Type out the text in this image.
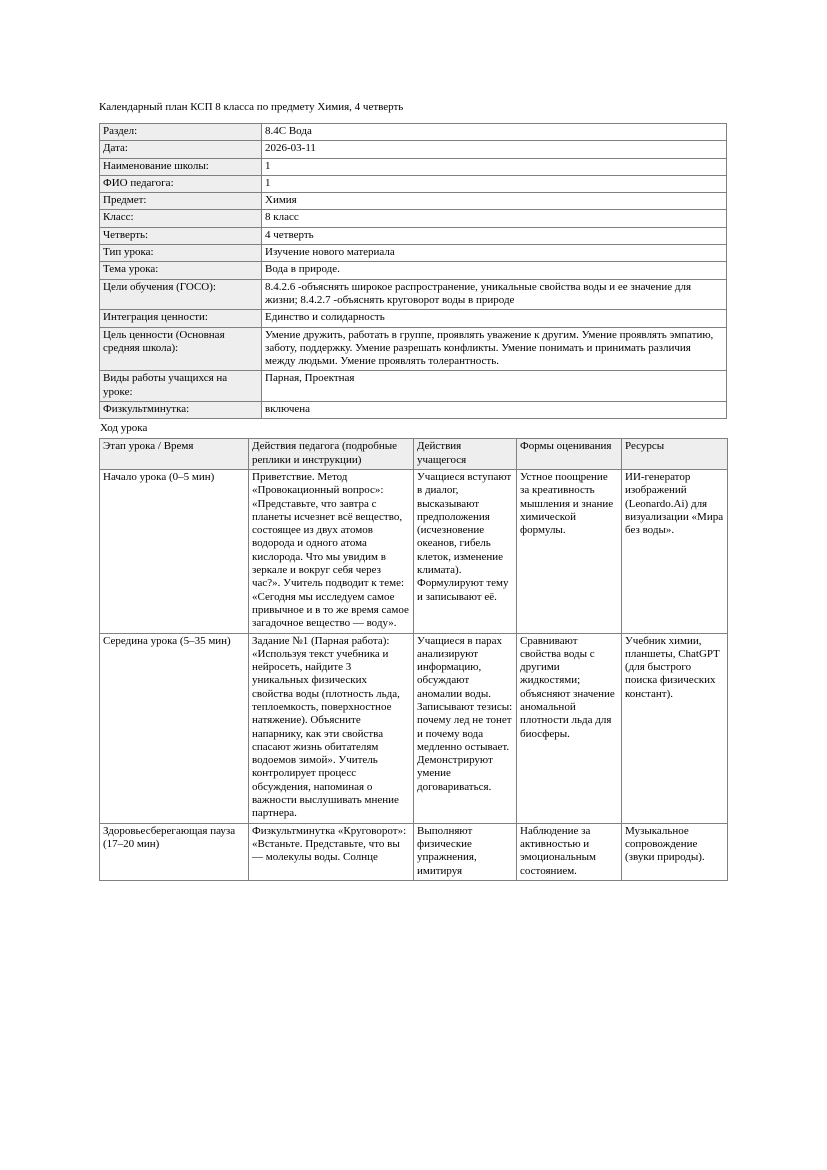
Календарный план КСП 8 класса по предмету Химия, 4 четверть
Раздел:	8.4C Вода
Дата:	2026-03-11
Наименование школы:	1
ФИО педагога:	1
Предмет:	Химия
Класс:	8 класс
Четверть:	4 четверть
Тип урока:	Изучение нового материала
Тема урока:	Вода в природе.
Цели обучения (ГОСО):	8.4.2.6 -объяснять широкое распространение, уникальные свойства воды и ее значение для жизни; 8.4.2.7 -объяснять круговорот воды в природе
Интеграция ценности:	Единство и солидарность
Цель ценности (Основная средняя школа):	Умение дружить, работать в группе, проявлять уважение к другим. Умение проявлять эмпатию, заботу, поддержку. Умение разрешать конфликты. Умение понимать и принимать различия между людьми. Умение проявлять толерантность.
Виды работы учащихся на уроке:	Парная, Проектная
Физкультминутка:	включена
Ход урока
Этап урока / Время	Действия педагога (подробные реплики и инструкции)	Действия учащегося	Формы оценивания	Ресурсы
Начало урока (0–5 мин)	Приветствие. Метод «Провокационный вопрос»: «Представьте, что завтра с планеты исчезнет всё вещество, состоящее из двух атомов водорода и одного атома кислорода. Что мы увидим в зеркале и вокруг себя через час?». Учитель подводит к теме: «Сегодня мы исследуем самое привычное и в то же время самое загадочное вещество — воду».	Учащиеся вступают в диалог, высказывают предположения (исчезновение океанов, гибель клеток, изменение климата). Формулируют тему и записывают её.	Устное поощрение за креативность мышления и знание химической формулы.	ИИ-генератор изображений (Leonardo.Ai) для визуализации «Мира без воды».
Середина урока (5–35 мин)	Задание №1 (Парная работа): «Используя текст учебника и нейросеть, найдите 3 уникальных физических свойства воды (плотность льда, теплоемкость, поверхностное натяжение). Объясните напарнику, как эти свойства спасают жизнь обитателям водоемов зимой». Учитель контролирует процесс обсуждения, напоминая о важности выслушивать мнение партнера.	Учащиеся в парах анализируют информацию, обсуждают аномалии воды. Записывают тезисы: почему лед не тонет и почему вода медленно остывает. Демонстрируют умение договариваться.	Сравнивают свойства воды с другими жидкостями; объясняют значение аномальной плотности льда для биосферы.	Учебник химии, планшеты, ChatGPT (для быстрого поиска физических констант).
Здоровьесберегающая пауза (17–20 мин)	Физкультминутка «Круговорот»: «Встаньте. Представьте, что вы — молекулы воды. Солнце	Выполняют физические упражнения, имитируя	Наблюдение за активностью и эмоциональным состоянием.	Музыкальное сопровождение (звуки природы).
